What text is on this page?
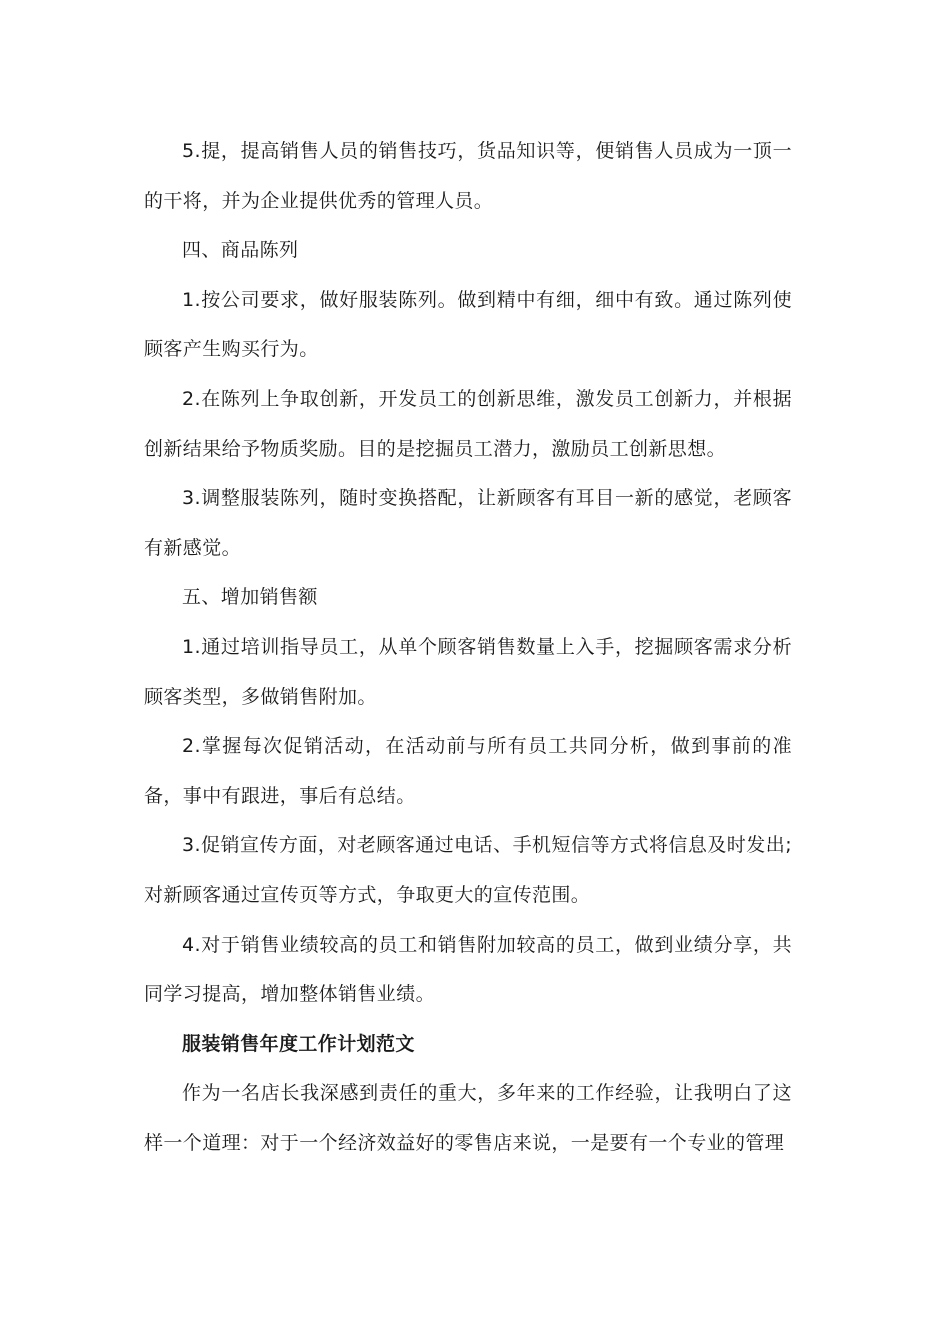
5.提，提高销售人员的销售技巧，货品知识等，便销售人员成为一顶一的干将，并为企业提供优秀的管理人员。

四、商品陈列

1.按公司要求，做好服装陈列。做到精中有细，细中有致。通过陈列使顾客产生购买行为。

2.在陈列上争取创新，开发员工的创新思维，激发员工创新力，并根据创新结果给予物质奖励。目的是挖掘员工潜力，激励员工创新思想。

3.调整服装陈列，随时变换搭配，让新顾客有耳目一新的感觉，老顾客有新感觉。

五、增加销售额

1.通过培训指导员工，从单个顾客销售数量上入手，挖掘顾客需求分析顾客类型，多做销售附加。

2.掌握每次促销活动，在活动前与所有员工共同分析，做到事前的准备，事中有跟进，事后有总结。

3.促销宣传方面，对老顾客通过电话、手机短信等方式将信息及时发出;对新顾客通过宣传页等方式，争取更大的宣传范围。

4.对于销售业绩较高的员工和销售附加较高的员工，做到业绩分享，共同学习提高，增加整体销售业绩。

服装销售年度工作计划范文

作为一名店长我深感到责任的重大，多年来的工作经验，让我明白了这样一个道理：对于一个经济效益好的零售店来说，一是要有一个专业的管理
